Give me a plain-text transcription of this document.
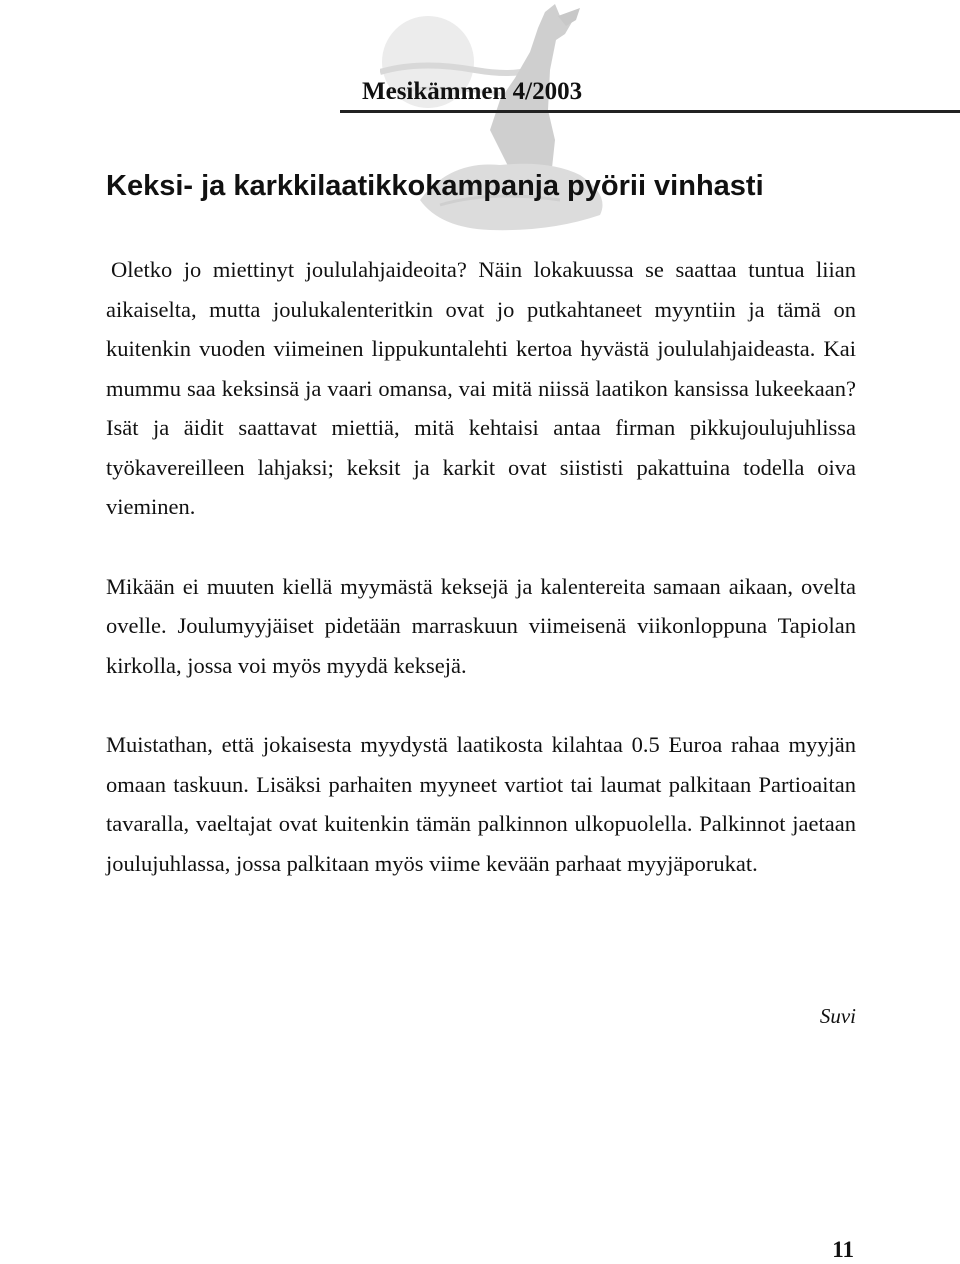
Mesikämmen 4/2003
Keksi- ja karkkilaatikkokampanja pyörii vinhasti

Oletko jo miettinyt joululahjaideoita? Näin lokakuussa se saattaa tuntua liian aikaiselta, mutta joulukalenteritkin ovat jo putkahtaneet myyntiin ja tämä on kuitenkin vuoden viimeinen lippukuntalehti kertoa hyvästä joululahjaideasta. Kai mummu saa keksinsä ja vaari omansa, vai mitä niissä laatikon kansissa lukeekaan? Isät ja äidit saattavat miettiä, mitä kehtaisi antaa firman pikkujoulujuhlissa työkavereilleen lahjaksi; keksit ja karkit ovat siististi pakattuina todella oiva vieminen.

Mikään ei muuten kiellä myymästä keksejä ja kalentereita samaan aikaan, ovelta ovelle. Joulumyyjäiset pidetään marraskuun viimeisenä viikonloppuna Tapiolan kirkolla, jossa voi myös myydä keksejä.

Muistathan, että jokaisesta myydystä laatikosta kilahtaa 0.5 Euroa rahaa myyjän omaan taskuun. Lisäksi parhaiten myyneet vartiot tai laumat palkitaan Partioaitan tavaralla, vaeltajat ovat kuitenkin tämän palkinnon ulkopuolella. Palkinnot jaetaan joulujuhlassa, jossa palkitaan myös viime kevään parhaat myyjäporukat.

Suvi
11
